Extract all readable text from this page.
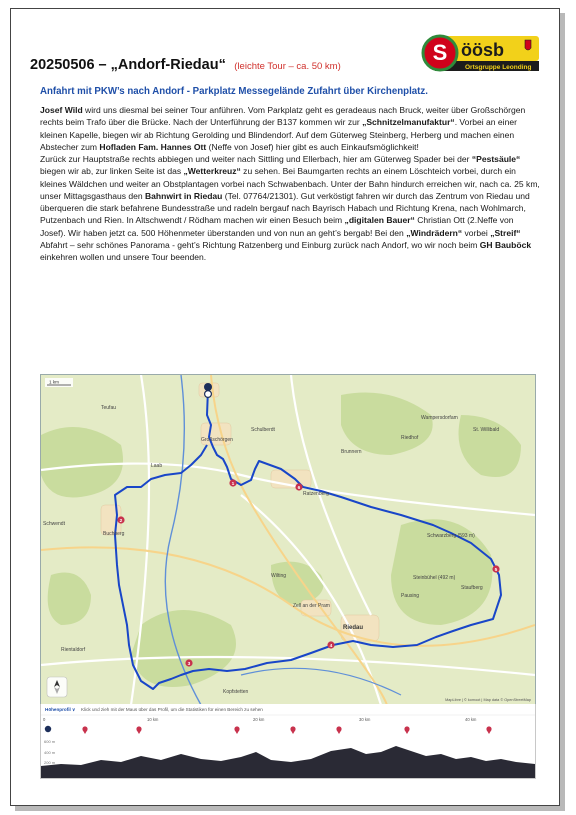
20250506 – „Andorf-Riedau“ (leichte Tour – ca. 50 km)
S öösb
Ortsgruppe Leonding
Anfahrt mit PKW’s nach Andorf - Parkplatz Messegelände Zufahrt über Kirchenplatz.
Josef Wild wird uns diesmal bei seiner Tour anführen. Vom Parkplatz geht es geradeaus nach Bruck, weiter über Großschörgen rechts beim Trafo über die Brücke. Nach der Unterführung der B137 kommen wir zur „Schnitzelmanufaktur“. Vorbei an einer kleinen Kapelle, biegen wir ab Richtung Gerolding und Blindendorf. Auf dem Güterweg Steinberg, Herberg und machen einen Abstecher zum Hofladen Fam. Hannes Ott (Neffe von Josef) hier gibt es auch Einkaufsmöglichkeit!
Zurück zur Hauptstraße rechts abbiegen und weiter nach Sittling und Ellerbach, hier am Güterweg Spader bei der “Pestsäule“ biegen wir ab, zur linken Seite ist das „Wetterkreuz“ zu sehen. Bei Baumgarten rechts an einem Löschteich vorbei, durch ein kleines Wäldchen und weiter an Obstplantagen vorbei nach Schwabenbach. Unter der Bahn hindurch erreichen wir, nach ca. 25 km, unser Mittagsgasthaus den Bahnwirt in Riedau (Tel. 07764/21301). Gut verköstigt fahren wir durch das Zentrum von Riedau und überqueren die stark befahrene Bundesstraße und radeln bergauf nach Bayrisch Habach und Richtung Krena, nach Wohlmarch, Putzenbach und Rien. In Altschwendt / Rödham machen wir einen Besuch beim „digitalen Bauer“ Christian Ott (2.Neffe von Josef). Wir haben jetzt ca. 500 Höhenmeter überstanden und von nun an geht’s bergab! Bei den „Windrädern“ vorbei „Streif“ Abfahrt – sehr schönes Panorama - geht’s Richtung Ratzenberg und Einburg zurück nach Andorf, wo wir noch beim GH Bauböck einkehren wollen und unsere Tour beenden.
1
2
3
4
5
6
Teufau
Schulberdt
Brunnern
Riedhof
St. Willibald
Wampersdorfam
Ratzenberg
Großschörgen
Laab
Buchberg
Schwendt
Schwarzberg (593 m)
Steinbühel (492 m)
Staufberg
Pausing
Wilting
Zell an der Pram
Riedau
Rientaldorf
Kopfstetten
1 km
MapLibre | © komoot | Map data © OpenStreetMap
Höhenprofil ∨ Klick und zieh mit der Maus über das Profil, um die Statistiken für einen Bereich zu sehen
0	10 km	20 km	30 km	40 km
600 m
400 m
200 m
